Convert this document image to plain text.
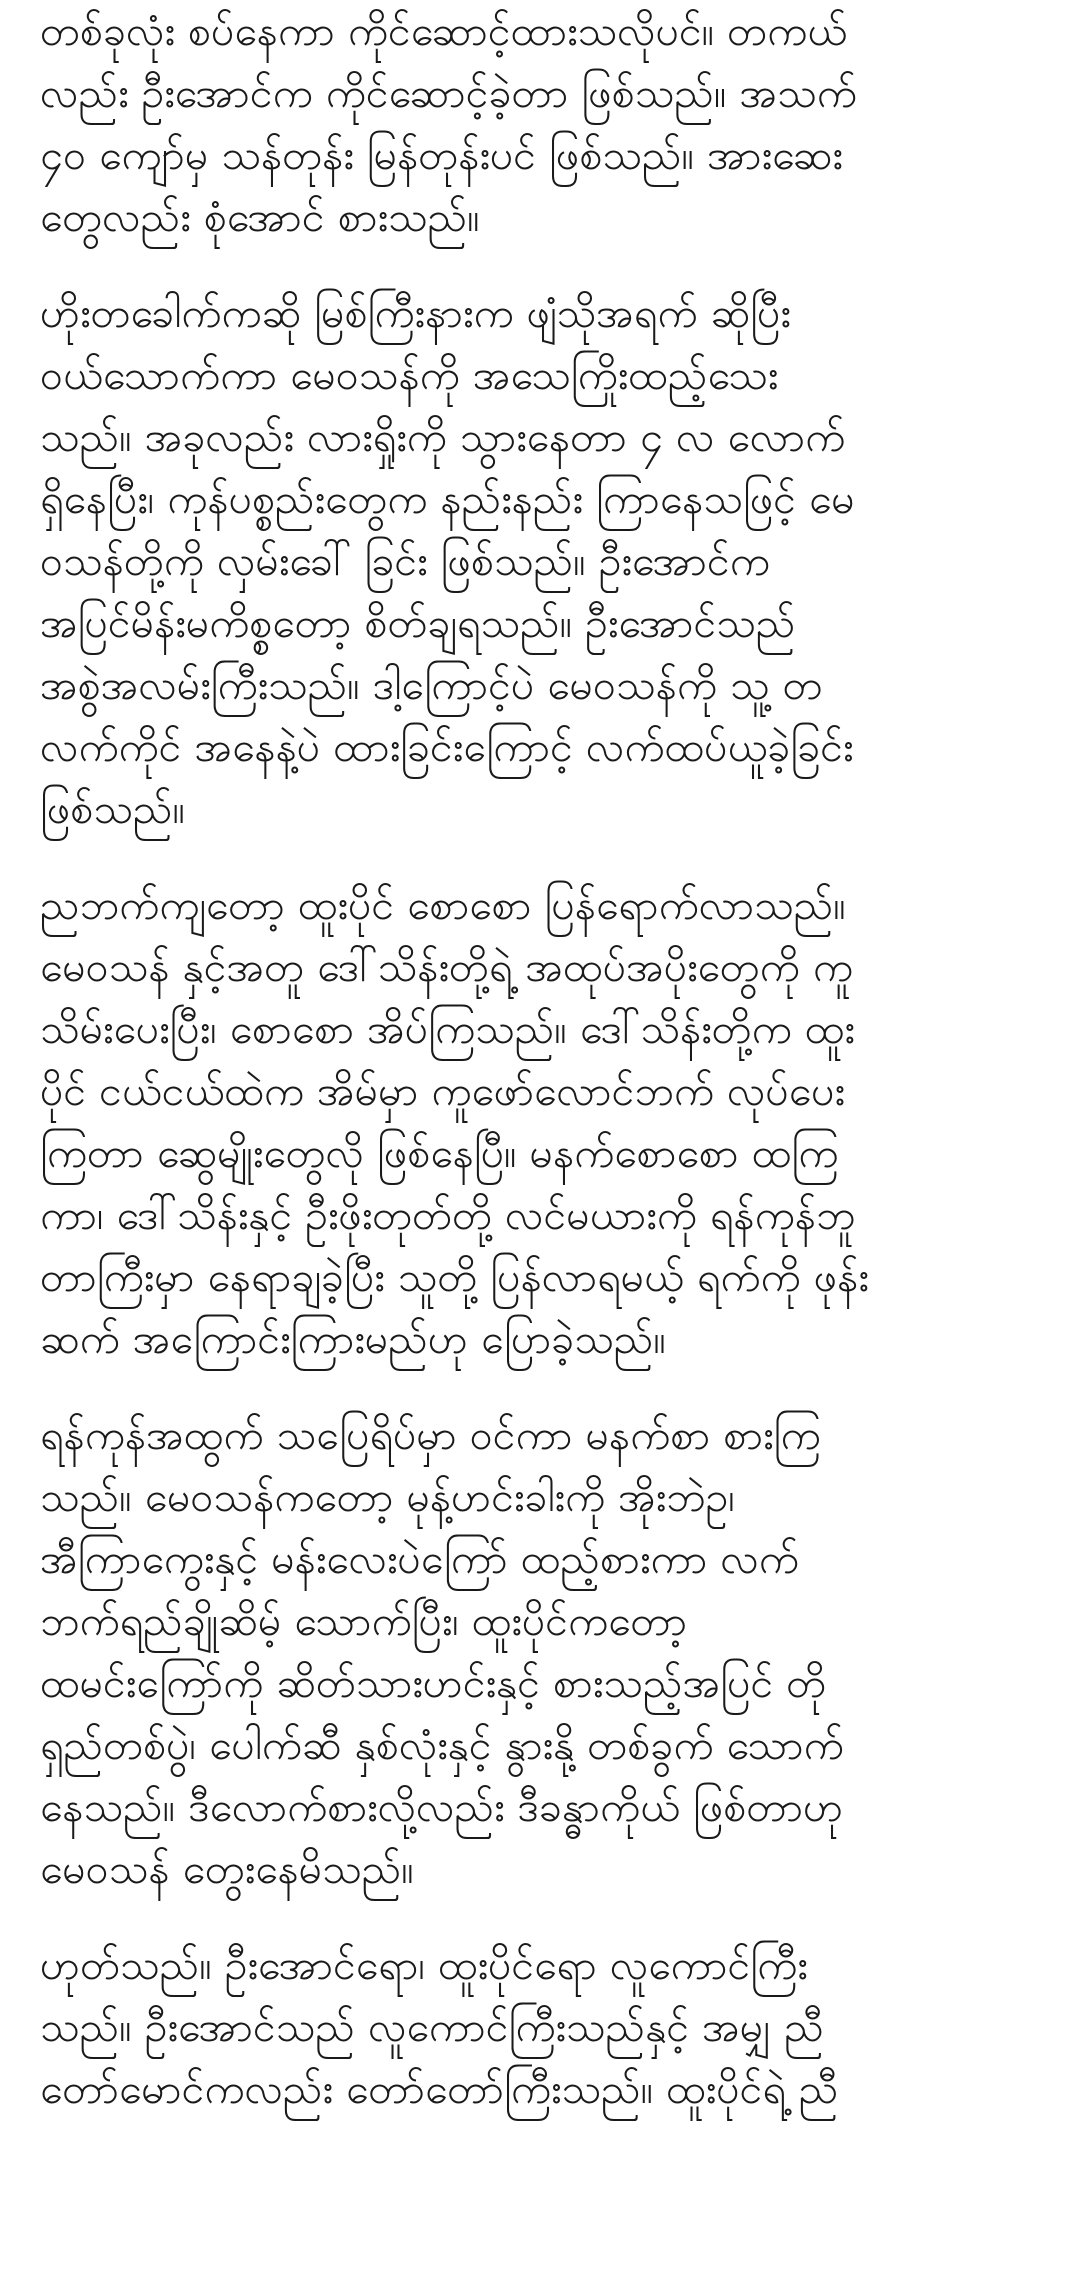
တစ်ခုလုံး စပ်နေကာ ကိုင်ဆောင့်ထားသလိုပင်။ တကယ်
လည်း ဦးအောင်က ကိုင်ဆောင့်ခဲ့တာ ဖြစ်သည်။ အသက်
၄၀ ကျော်မှ သန်တုန်း မြန်တုန်းပင် ဖြစ်သည်။ အားဆေး
တွေလည်း စုံအောင် စားသည်။

ဟိုးတခေါက်ကဆို မြစ်ကြီးနားက ဖျံသိုအရက် ဆိုပြီး
ဝယ်သောက်ကာ မေဝသန်ကို အသေကြိုးထည့်သေး
သည်။ အခုလည်း လားရှိုးကို သွားနေတာ ၄ လ လောက်
ရှိနေပြီး၊ ကုန်ပစ္စည်းတွေက နည်းနည်း ကြာနေသဖြင့် မေ
ဝသန်တို့ကို လှမ်းခေါ် ခြင်း ဖြစ်သည်။ ဦးအောင်က
အပြင်မိန်းမကိစ္စတော့ စိတ်ချရသည်။ ဦးအောင်သည်
အစွဲအလမ်းကြီးသည်။ ဒါ့ကြောင့်ပဲ မေဝသန်ကို သူ့ တ
လက်ကိုင် အနေနဲ့ပဲ ထားခြင်းကြောင့် လက်ထပ်ယူခဲ့ခြင်း
ဖြစ်သည်။

ညဘက်ကျတော့ ထူးပိုင် စောစော ပြန်ရောက်လာသည်။
မေဝသန် နှင့်အတူ ဒေါ်သိန်းတို့ရဲ့ အထုပ်အပိုးတွေကို ကူ
သိမ်းပေးပြီး၊ စောစော အိပ်ကြသည်။ ဒေါ်သိန်းတို့က ထူး
ပိုင် ငယ်ငယ်ထဲက အိမ်မှာ ကူဖော်လောင်ဘက် လုပ်ပေး
ကြတာ ဆွေမျိုးတွေလို ဖြစ်နေပြီ။ မနက်စောစော ထကြ
ကာ၊ ဒေါ်သိန်းနှင့် ဦးဖိုးတုတ်တို့ လင်မယားကို ရန်ကုန်ဘူ
တာကြီးမှာ နေရာချခဲ့ပြီး သူတို့ ပြန်လာရမယ့် ရက်ကို ဖုန်း
ဆက် အကြောင်းကြားမည်ဟု ပြောခဲ့သည်။

ရန်ကုန်အထွက် သပြေရိပ်မှာ ဝင်ကာ မနက်စာ စားကြ
သည်။ မေဝသန်ကတော့ မုန့်ဟင်းခါးကို အိုးဘဲဥ၊
အီကြာကွေးနှင့် မန်းလေးပဲကြော် ထည့်စားကာ လက်
ဘက်ရည်ချိုဆိမ့် သောက်ပြီး၊ ထူးပိုင်ကတော့
ထမင်းကြော်ကို ဆိတ်သားဟင်းနှင့် စားသည့်အပြင် တို
ရှည်တစ်ပွဲ၊ ပေါက်ဆီ နှစ်လုံးနှင့် နွားနို့ တစ်ခွက် သောက်
နေသည်။ ဒီလောက်စားလို့လည်း ဒီခန္ဓာကိုယ် ဖြစ်တာဟု
မေဝသန် တွေးနေမိသည်။

ဟုတ်သည်။ ဦးအောင်ရော၊ ထူးပိုင်ရော လူကောင်ကြီး
သည်။ ဦးအောင်သည် လူကောင်ကြီးသည်နှင့် အမျှ ညီ
တော်မောင်ကလည်း တော်တော်ကြီးသည်။ ထူးပိုင်ရဲ့ ညီ
